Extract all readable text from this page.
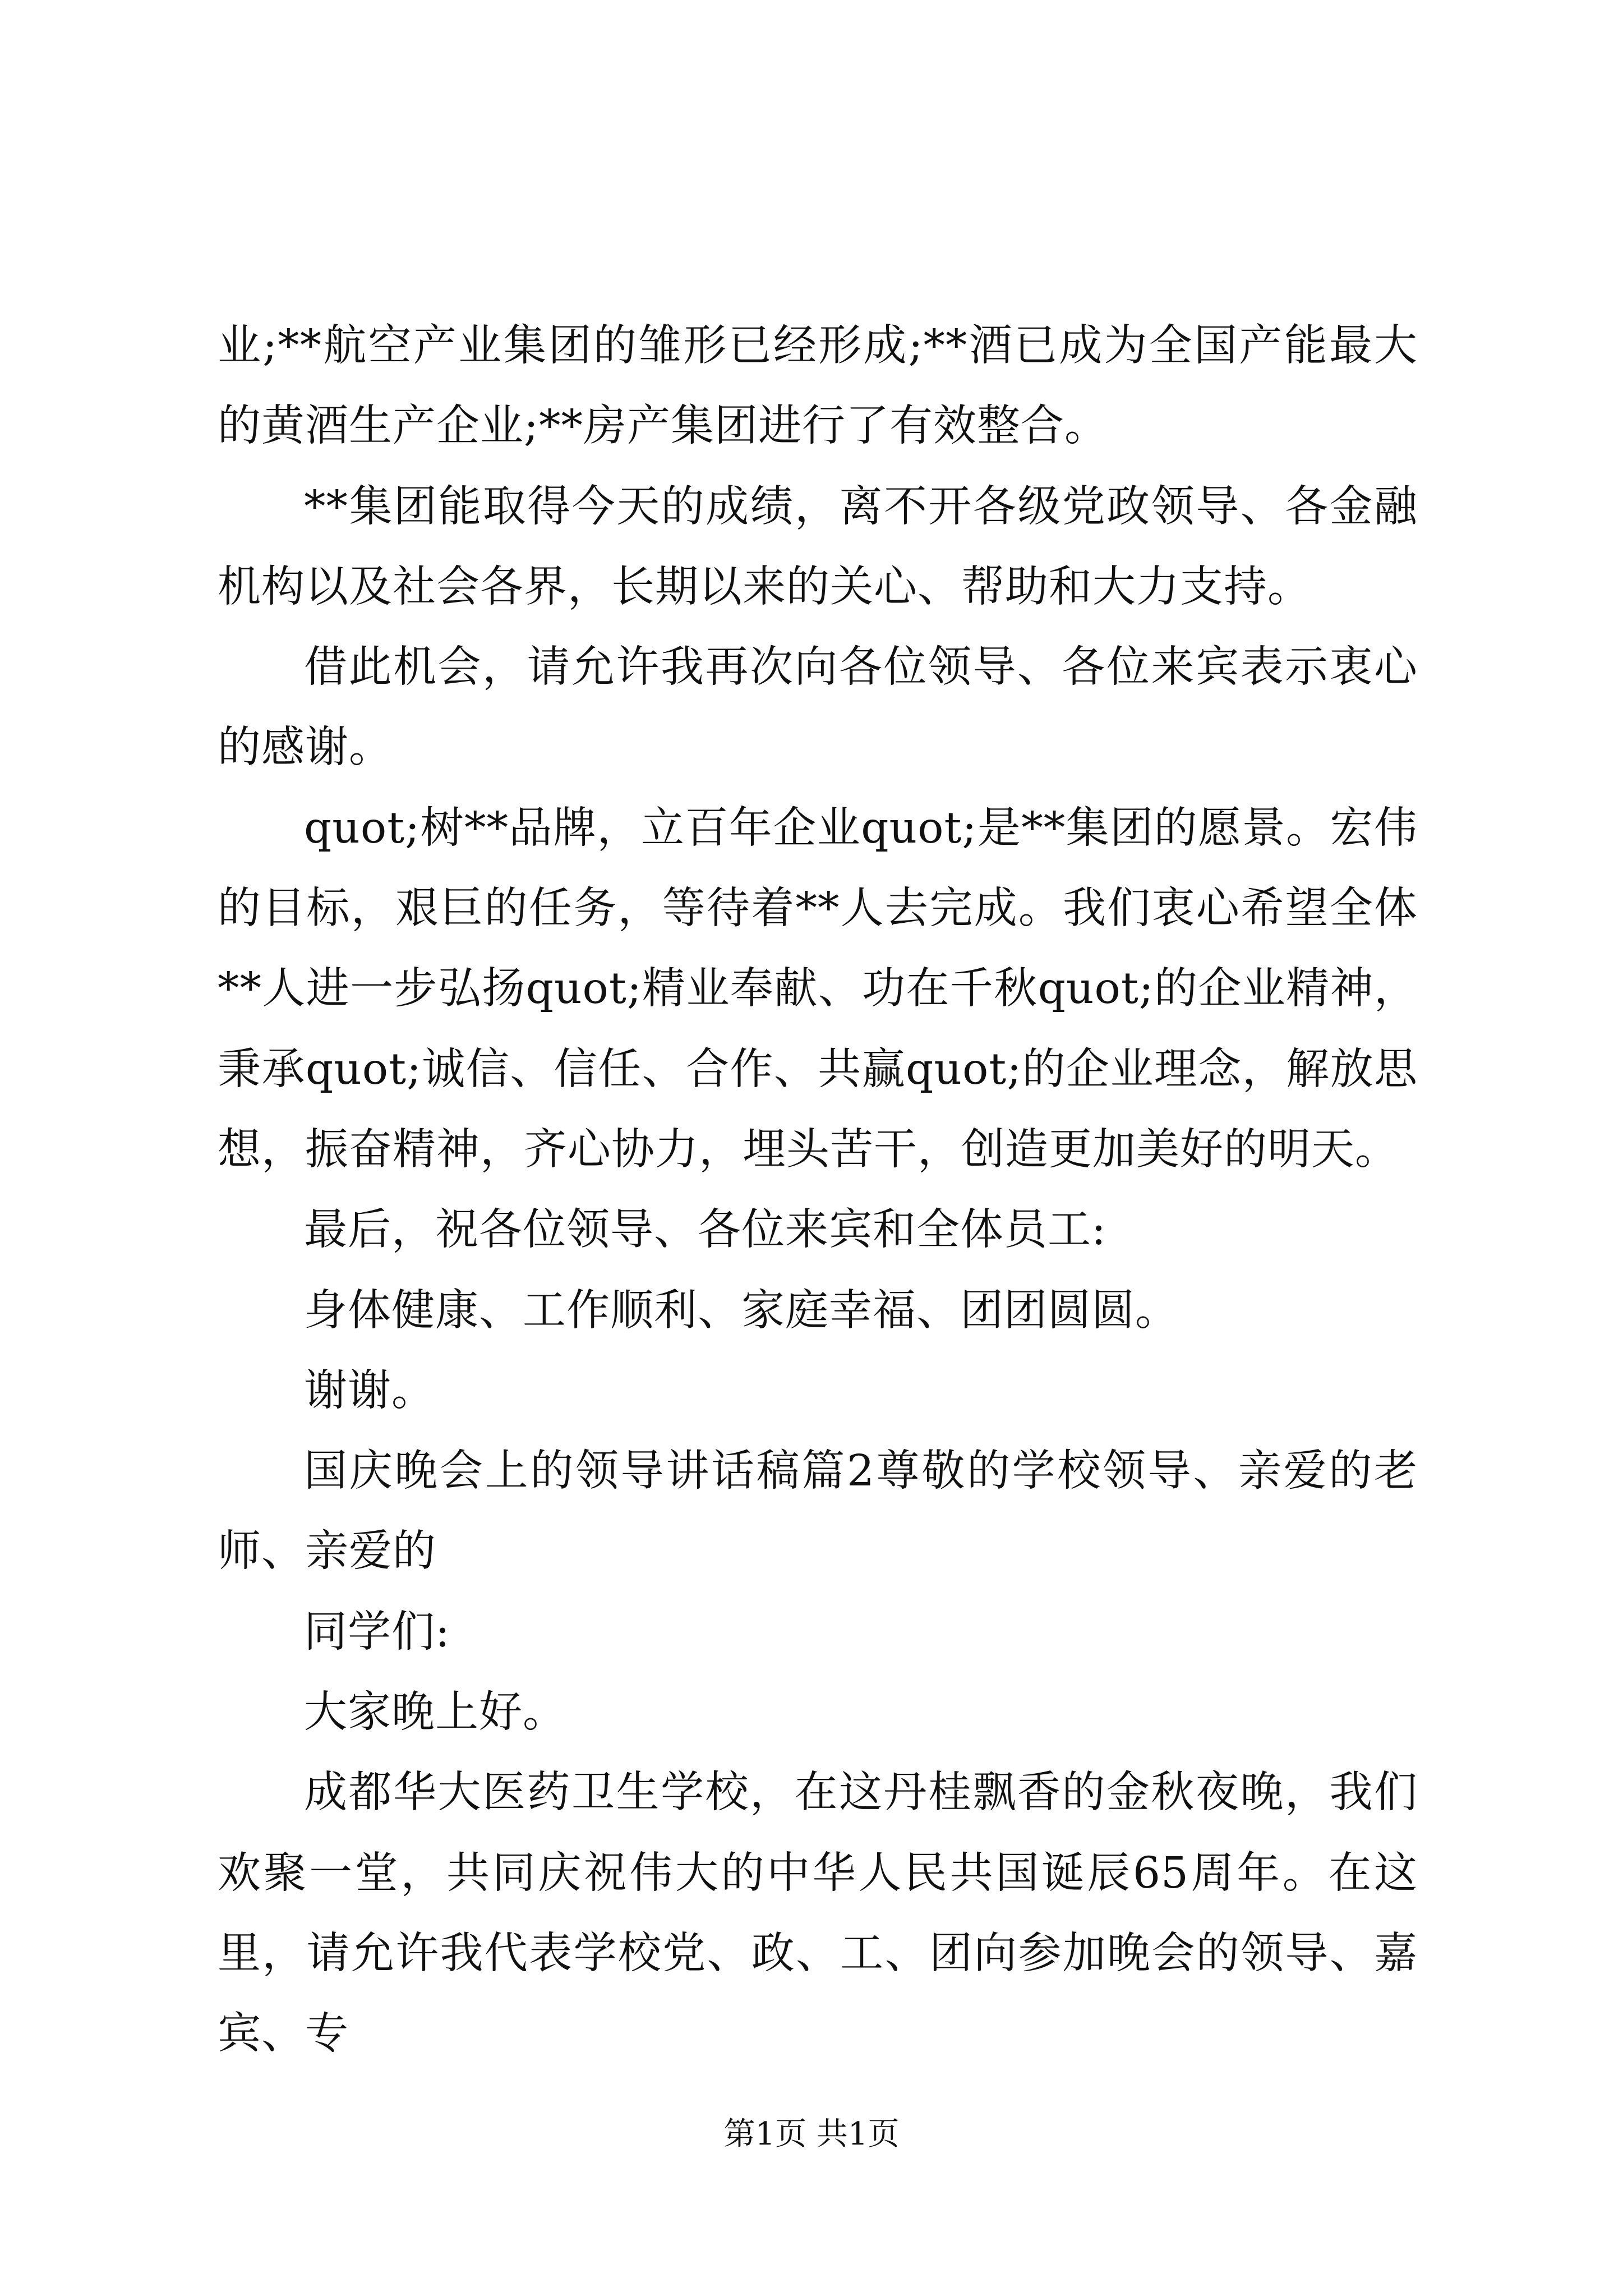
业;**航空产业集团的雏形已经形成;**酒已成为全国产能最大的黄酒生产企业;**房产集团进行了有效整合。

**集团能取得今天的成绩，离不开各级党政领导、各金融机构以及社会各界，长期以来的关心、帮助和大力支持。

借此机会，请允许我再次向各位领导、各位来宾表示衷心的感谢。

quot;树**品牌，立百年企业quot;是**集团的愿景。宏伟的目标，艰巨的任务，等待着**人去完成。我们衷心希望全体**人进一步弘扬quot;精业奉献、功在千秋quot;的企业精神，秉承quot;诚信、信任、合作、共赢quot;的企业理念，解放思想，振奋精神，齐心协力，埋头苦干，创造更加美好的明天。

最后，祝各位领导、各位来宾和全体员工:

身体健康、工作顺利、家庭幸福、团团圆圆。

谢谢。

国庆晚会上的领导讲话稿篇2尊敬的学校领导、亲爱的老师、亲爱的

同学们:

大家晚上好。

成都华大医药卫生学校，在这丹桂飘香的金秋夜晚，我们欢聚一堂，共同庆祝伟大的中华人民共国诞辰65周年。在这里，请允许我代表学校党、政、工、团向参加晚会的领导、嘉宾、专

第1页 共1页
